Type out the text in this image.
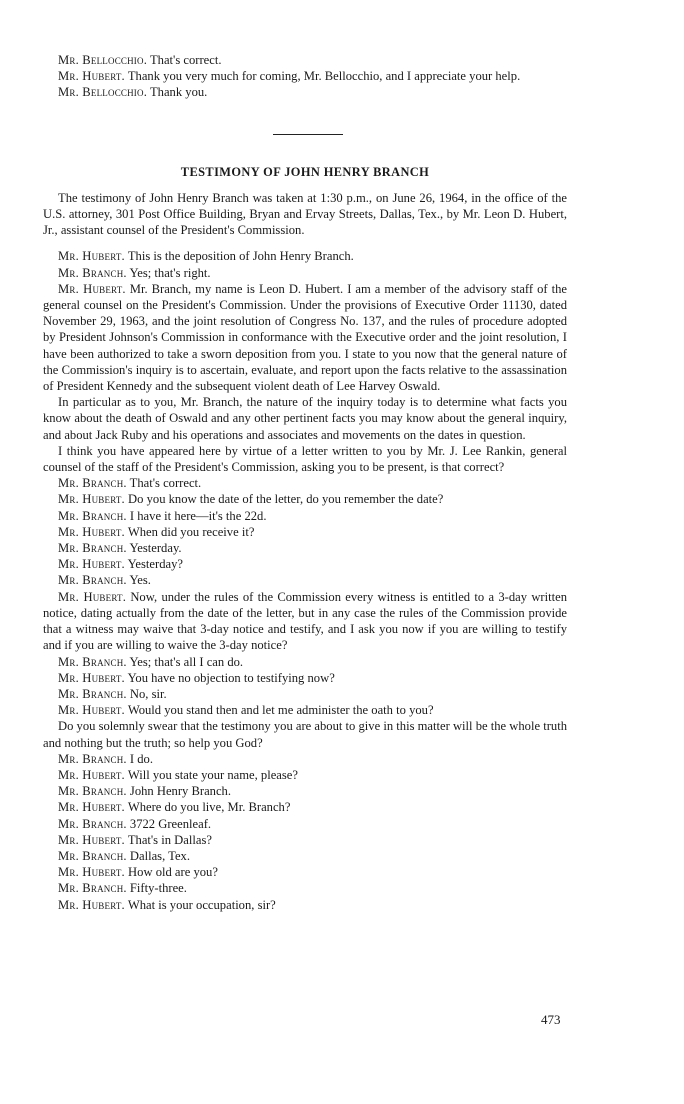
Mr. Bellocchio. That's correct.

Mr. Hubert. Thank you very much for coming, Mr. Bellocchio, and I appreciate your help.

Mr. Bellocchio. Thank you.

TESTIMONY OF JOHN HENRY BRANCH

The testimony of John Henry Branch was taken at 1:30 p.m., on June 26, 1964, in the office of the U.S. attorney, 301 Post Office Building, Bryan and Ervay Streets, Dallas, Tex., by Mr. Leon D. Hubert, Jr., assistant counsel of the President's Commission.

Mr. Hubert. This is the deposition of John Henry Branch.

Mr. Branch. Yes; that's right.

Mr. Hubert. Mr. Branch, my name is Leon D. Hubert. I am a member of the advisory staff of the general counsel on the President's Commission. Under the provisions of Executive Order 11130, dated November 29, 1963, and the joint resolution of Congress No. 137, and the rules of procedure adopted by President Johnson's Commission in conformance with the Executive order and the joint resolution, I have been authorized to take a sworn deposition from you. I state to you now that the general nature of the Commission's inquiry is to ascertain, evaluate, and report upon the facts relative to the assassination of President Kennedy and the subsequent violent death of Lee Harvey Oswald.

In particular as to you, Mr. Branch, the nature of the inquiry today is to determine what facts you know about the death of Oswald and any other pertinent facts you may know about the general inquiry, and about Jack Ruby and his operations and associates and movements on the dates in question.

I think you have appeared here by virtue of a letter written to you by Mr. J. Lee Rankin, general counsel of the staff of the President's Commission, asking you to be present, is that correct?

Mr. Branch. That's correct.

Mr. Hubert. Do you know the date of the letter, do you remember the date?

Mr. Branch. I have it here—it's the 22d.

Mr. Hubert. When did you receive it?

Mr. Branch. Yesterday.

Mr. Hubert. Yesterday?

Mr. Branch. Yes.

Mr. Hubert. Now, under the rules of the Commission every witness is entitled to a 3-day written notice, dating actually from the date of the letter, but in any case the rules of the Commission provide that a witness may waive that 3-day notice and testify, and I ask you now if you are willing to testify and if you are willing to waive the 3-day notice?

Mr. Branch. Yes; that's all I can do.

Mr. Hubert. You have no objection to testifying now?

Mr. Branch. No, sir.

Mr. Hubert. Would you stand then and let me administer the oath to you?

Do you solemnly swear that the testimony you are about to give in this matter will be the whole truth and nothing but the truth; so help you God?

Mr. Branch. I do.

Mr. Hubert. Will you state your name, please?

Mr. Branch. John Henry Branch.

Mr. Hubert. Where do you live, Mr. Branch?

Mr. Branch. 3722 Greenleaf.

Mr. Hubert. That's in Dallas?

Mr. Branch. Dallas, Tex.

Mr. Hubert. How old are you?

Mr. Branch. Fifty-three.

Mr. Hubert. What is your occupation, sir?

473
